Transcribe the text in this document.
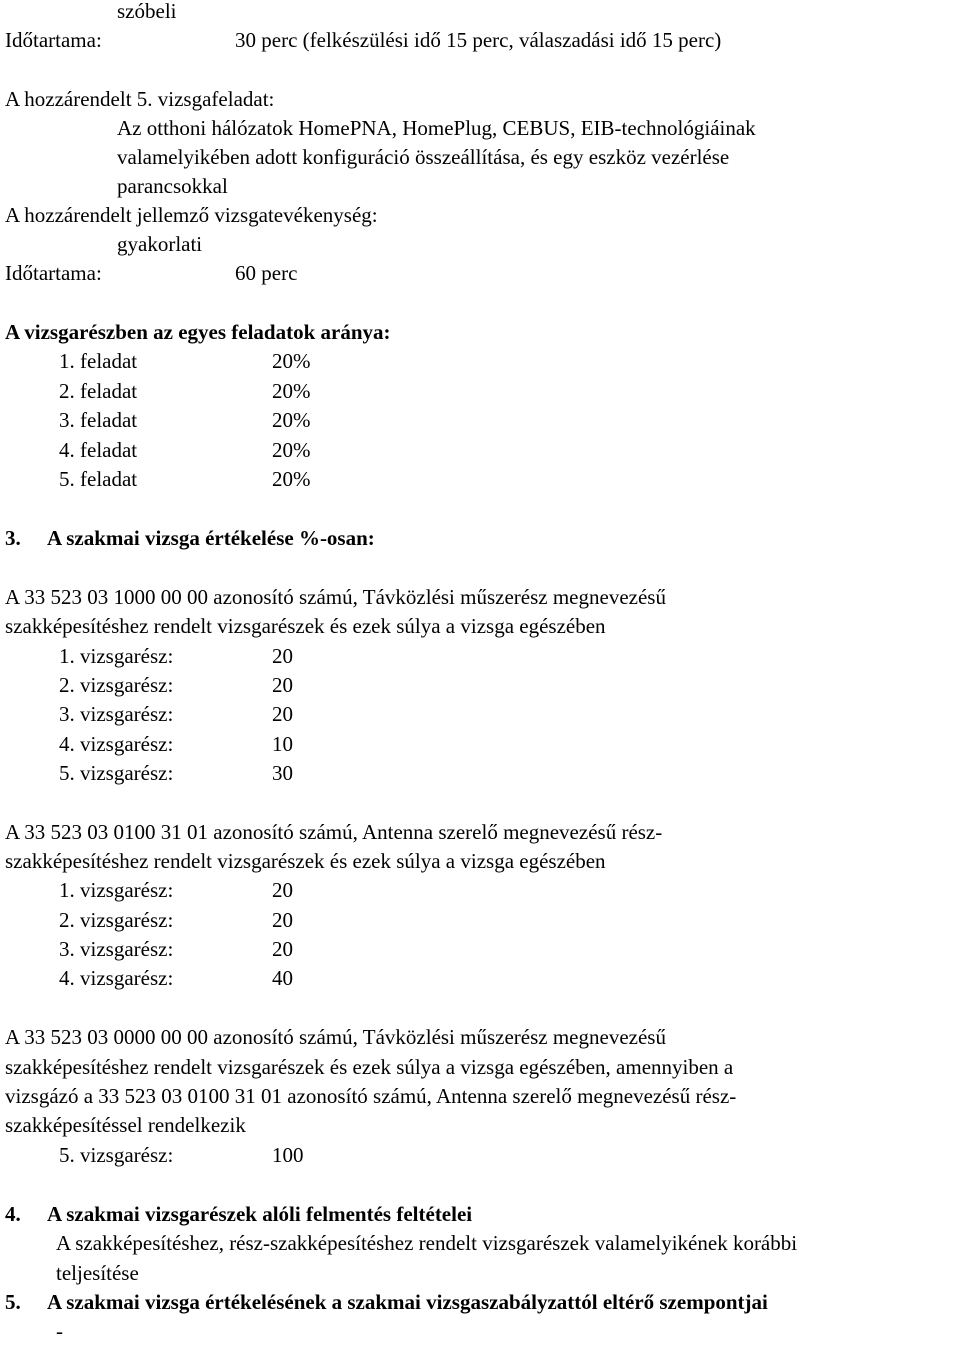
szóbeli
Időtartama:	30 perc (felkészülési idő 15 perc, válaszadási idő 15 perc)
A hozzárendelt 5. vizsgafeladat:
Az otthoni hálózatok HomePNA, HomePlug, CEBUS, EIB-technológiáinak
valamelyikében adott konfiguráció összeállítása, és egy eszköz vezérlése
parancsokkal
A hozzárendelt jellemző vizsgatevékenység:
gyakorlati
Időtartama:	60 perc
A vizsgarészben az egyes feladatok aránya:
1. feladat	20%
2. feladat	20%
3. feladat	20%
4. feladat	20%
5. feladat	20%
3. A szakmai vizsga értékelése %-osan:
A 33 523 03 1000 00 00 azonosító számú, Távközlési műszerész megnevezésű
szakképesítéshez rendelt vizsgarészek és ezek súlya a vizsga egészében
1. vizsgarész:	20
2. vizsgarész:	20
3. vizsgarész:	20
4. vizsgarész:	10
5. vizsgarész:	30
A 33 523 03 0100 31 01 azonosító számú, Antenna szerelő megnevezésű rész-
szakképesítéshez rendelt vizsgarészek és ezek súlya a vizsga egészében
1. vizsgarész:	20
2. vizsgarész:	20
3. vizsgarész:	20
4. vizsgarész:	40
A 33 523 03 0000 00 00 azonosító számú, Távközlési műszerész megnevezésű
szakképesítéshez rendelt vizsgarészek és ezek súlya a vizsga egészében, amennyiben a
vizsgázó a 33 523 03 0100 31 01 azonosító számú, Antenna szerelő megnevezésű rész-
szakképesítéssel rendelkezik
5. vizsgarész:	100
4. A szakmai vizsgarészek alóli felmentés feltételei
A szakképesítéshez, rész-szakképesítéshez rendelt vizsgarészek valamelyikének korábbi
teljesítése
5. A szakmai vizsga értékelésének a szakmai vizsgaszabályzattól eltérő szempontjai
-
